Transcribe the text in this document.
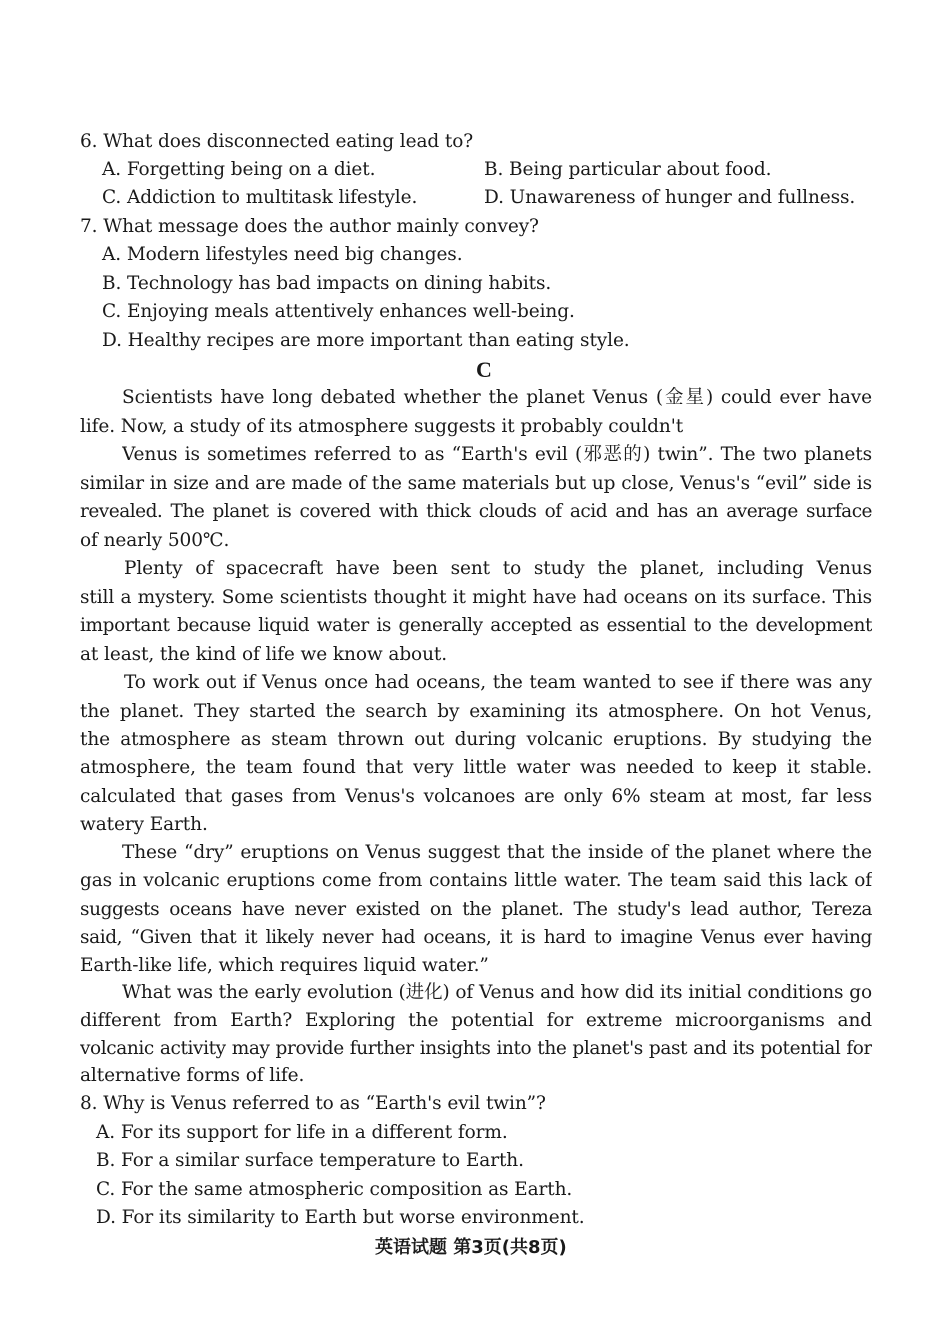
6. What does disconnected eating lead to?
A. Forgetting being on a diet.	B. Being particular about food.
C. Addiction to multitask lifestyle.	D. Unawareness of hunger and fullness.
7. What message does the author mainly convey?
A. Modern lifestyles need big changes.
B. Technology has bad impacts on dining habits.
C. Enjoying meals attentively enhances well-being.
D. Healthy recipes are more important than eating style.
C
Scientists have long debated whether the planet Venus (金星) could ever have
life. Now, a study of its atmosphere suggests it probably couldn't
Venus is sometimes referred to as “Earth's evil (邪恶的) twin”. The two planets
similar in size and are made of the same materials but up close, Venus's “evil” side is
revealed. The planet is covered with thick clouds of acid and has an average surface
of nearly 500℃.
Plenty of spacecraft have been sent to study the planet, including Venus
still a mystery. Some scientists thought it might have had oceans on its surface. This
important because liquid water is generally accepted as essential to the development
at least, the kind of life we know about.
To work out if Venus once had oceans, the team wanted to see if there was any
the planet. They started the search by examining its atmosphere. On hot Venus,
the atmosphere as steam thrown out during volcanic eruptions. By studying the
atmosphere, the team found that very little water was needed to keep it stable.
calculated that gases from Venus's volcanoes are only 6% steam at most, far less
watery Earth.
These “dry” eruptions on Venus suggest that the inside of the planet where the
gas in volcanic eruptions come from contains little water. The team said this lack of
suggests oceans have never existed on the planet. The study's lead author, Tereza
said, “Given that it likely never had oceans, it is hard to imagine Venus ever having
Earth-like life, which requires liquid water.”
What was the early evolution (进化) of Venus and how did its initial conditions go
different from Earth? Exploring the potential for extreme microorganisms and
volcanic activity may provide further insights into the planet's past and its potential for
alternative forms of life.
8. Why is Venus referred to as “Earth's evil twin”?
A. For its support for life in a different form.
B. For a similar surface temperature to Earth.
C. For the same atmospheric composition as Earth.
D. For its similarity to Earth but worse environment.
英语试题 第3页(共8页)
